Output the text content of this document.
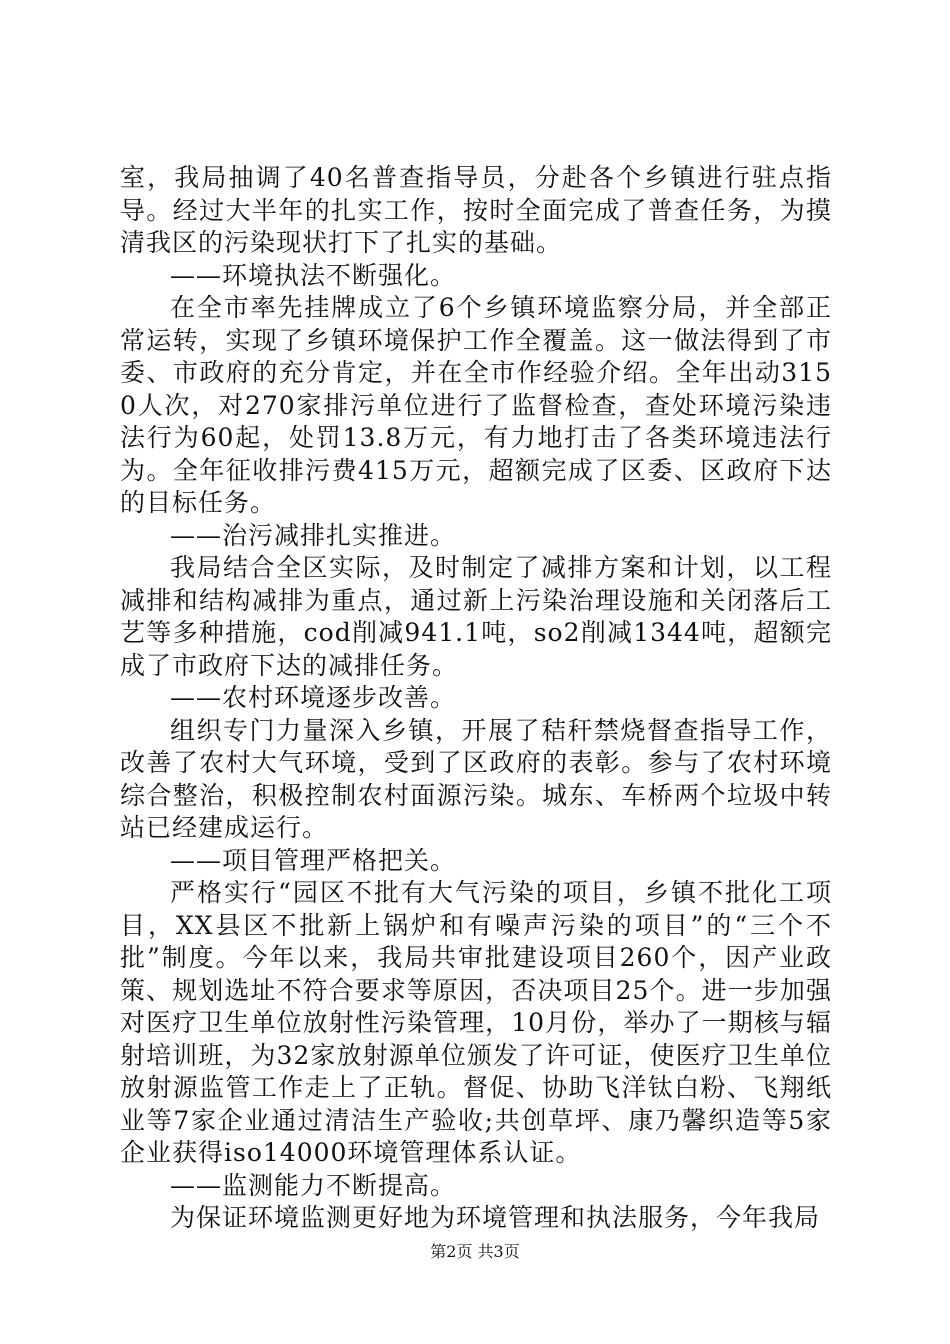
室，我局抽调了40名普查指导员，分赴各个乡镇进行驻点指导。经过大半年的扎实工作，按时全面完成了普查任务，为摸清我区的污染现状打下了扎实的基础。

——环境执法不断强化。

在全市率先挂牌成立了6个乡镇环境监察分局，并全部正常运转，实现了乡镇环境保护工作全覆盖。这一做法得到了市委、市政府的充分肯定，并在全市作经验介绍。全年出动3150人次，对270家排污单位进行了监督检查，查处环境污染违法行为60起，处罚13.8万元，有力地打击了各类环境违法行为。全年征收排污费415万元，超额完成了区委、区政府下达的目标任务。

——治污减排扎实推进。

我局结合全区实际，及时制定了减排方案和计划，以工程减排和结构减排为重点，通过新上污染治理设施和关闭落后工艺等多种措施，cod削减941.1吨，so2削减1344吨，超额完成了市政府下达的减排任务。

——农村环境逐步改善。

组织专门力量深入乡镇，开展了秸秆禁烧督查指导工作，改善了农村大气环境，受到了区政府的表彰。参与了农村环境综合整治，积极控制农村面源污染。城东、车桥两个垃圾中转站已经建成运行。

——项目管理严格把关。

严格实行“园区不批有大气污染的项目，乡镇不批化工项目，XX县区不批新上锅炉和有噪声污染的项目”的“三个不批”制度。今年以来，我局共审批建设项目260个，因产业政策、规划选址不符合要求等原因，否决项目25个。进一步加强对医疗卫生单位放射性污染管理，10月份，举办了一期核与辐射培训班，为32家放射源单位颁发了许可证，使医疗卫生单位放射源监管工作走上了正轨。督促、协助飞洋钛白粉、飞翔纸业等7家企业通过清洁生产验收;共创草坪、康乃馨织造等5家企业获得iso14000环境管理体系认证。

——监测能力不断提高。

为保证环境监测更好地为环境管理和执法服务，今年我局

第2页 共3页
